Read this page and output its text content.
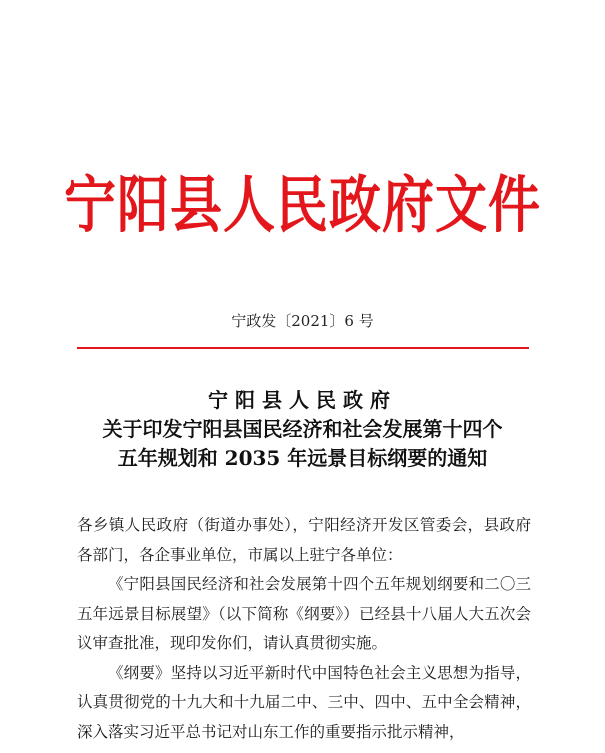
宁阳县人民政府文件
宁政发〔2021〕6 号
宁阳县人民政府
关于印发宁阳县国民经济和社会发展第十四个
五年规划和 2035 年远景目标纲要的通知

各乡镇人民政府（街道办事处），宁阳经济开发区管委会，县政府各部门，各企事业单位，市属以上驻宁各单位：

《宁阳县国民经济和社会发展第十四个五年规划纲要和二〇三五年远景目标展望》（以下简称《纲要》）已经县十八届人大五次会议审查批准，现印发你们，请认真贯彻实施。

《纲要》坚持以习近平新时代中国特色社会主义思想为指导，认真贯彻党的十九大和十九届二中、三中、四中、五中全会精神，深入落实习近平总书记对山东工作的重要指示批示精神，
